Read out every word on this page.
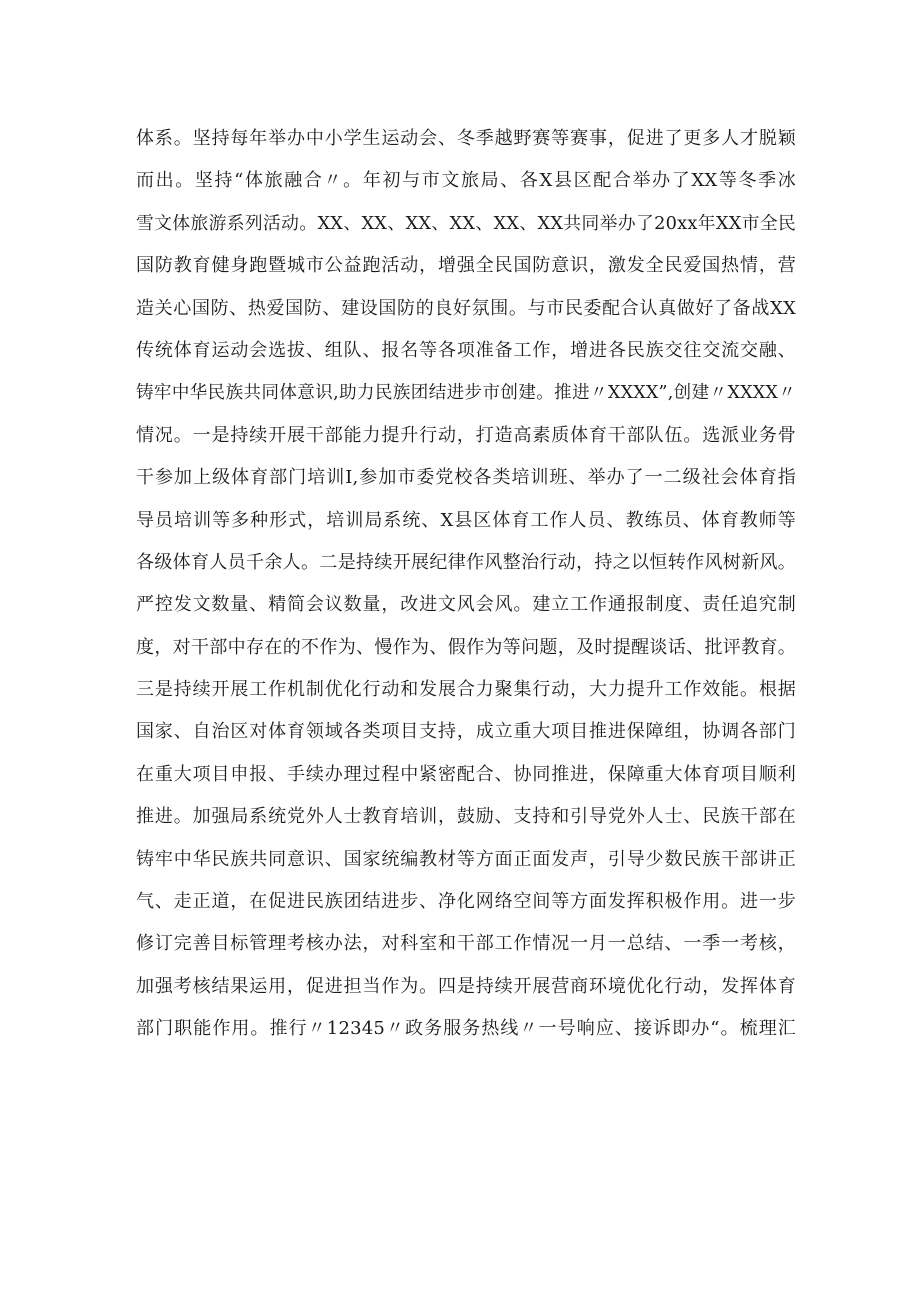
体系。坚持每年举办中小学生运动会、冬季越野赛等赛事，促进了更多人才脱颖
而出。坚持“体旅融合〃。年初与市文旅局、各X县区配合举办了XX等冬季冰
雪文体旅游系列活动。XX、XX、XX、XX、XX、XX共同举办了20xx年XX市全民
国防教育健身跑暨城市公益跑活动，增强全民国防意识，激发全民爱国热情，营
造关心国防、热爱国防、建设国防的良好氛围。与市民委配合认真做好了备战XX
传统体育运动会选拔、组队、报名等各项准备工作，增进各民族交往交流交融、
铸牢中华民族共同体意识,助力民族团结进步市创建。推进〃XXXX”,创建〃XXXX〃
情况。一是持续开展干部能力提升行动，打造高素质体育干部队伍。选派业务骨
干参加上级体育部门培训I,参加市委党校各类培训班、举办了一二级社会体育指
导员培训等多种形式，培训局系统、X县区体育工作人员、教练员、体育教师等
各级体育人员千余人。二是持续开展纪律作风整治行动，持之以恒转作风树新风。
严控发文数量、精简会议数量，改进文风会风。建立工作通报制度、责任追究制
度，对干部中存在的不作为、慢作为、假作为等问题，及时提醒谈话、批评教育。
三是持续开展工作机制优化行动和发展合力聚集行动，大力提升工作效能。根据
国家、自治区对体育领域各类项目支持，成立重大项目推进保障组，协调各部门
在重大项目申报、手续办理过程中紧密配合、协同推进，保障重大体育项目顺利
推进。加强局系统党外人士教育培训，鼓励、支持和引导党外人士、民族干部在
铸牢中华民族共同意识、国家统编教材等方面正面发声，引导少数民族干部讲正
气、走正道，在促进民族团结进步、净化网络空间等方面发挥积极作用。进一步
修订完善目标管理考核办法，对科室和干部工作情况一月一总结、一季一考核，
加强考核结果运用，促进担当作为。四是持续开展营商环境优化行动，发挥体育
部门职能作用。推行〃12345〃政务服务热线〃一号响应、接诉即办“。梳理汇
